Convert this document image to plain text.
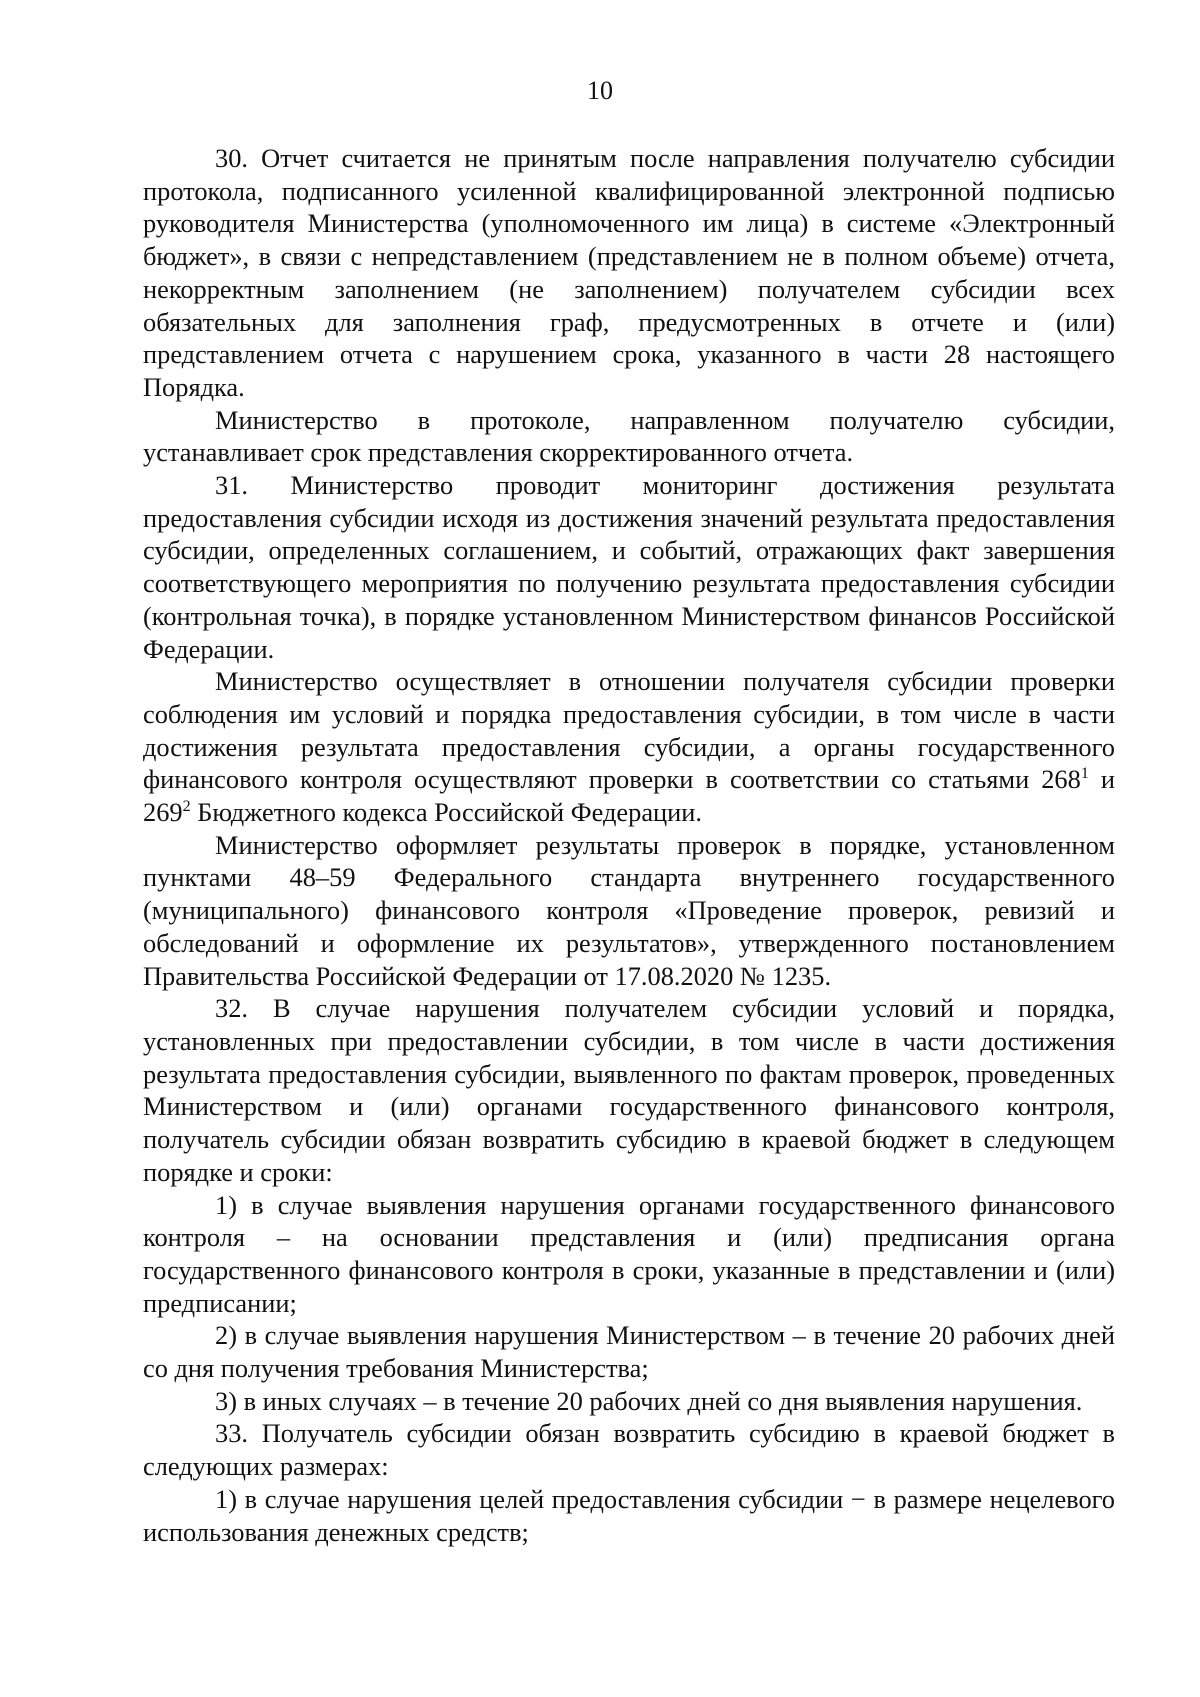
10

30. Отчет считается не принятым после направления получателю субсидии протокола, подписанного усиленной квалифицированной электронной подписью руководителя Министерства (уполномоченного им лица) в системе «Электронный бюджет», в связи с непредставлением (представлением не в полном объеме) отчета, некорректным заполнением (не заполнением) получателем субсидии всех обязательных для заполнения граф, предусмотренных в отчете и (или) представлением отчета с нарушением срока, указанного в части 28 настоящего Порядка.

Министерство в протоколе, направленном получателю субсидии, устанавливает срок представления скорректированного отчета.

31. Министерство проводит мониторинг достижения результата предоставления субсидии исходя из достижения значений результата предоставления субсидии, определенных соглашением, и событий, отражающих факт завершения соответствующего мероприятия по получению результата предоставления субсидии (контрольная точка), в порядке установленном Министерством финансов Российской Федерации.

Министерство осуществляет в отношении получателя субсидии проверки соблюдения им условий и порядка предоставления субсидии, в том числе в части достижения результата предоставления субсидии, а органы государственного финансового контроля осуществляют проверки в соответствии со статьями $268^1$ и $269^2$ Бюджетного кодекса Российской Федерации.

Министерство оформляет результаты проверок в порядке, установленном пунктами 48–59 Федерального стандарта внутреннего государственного (муниципального) финансового контроля «Проведение проверок, ревизий и обследований и оформление их результатов», утвержденного постановлением Правительства Российской Федерации от 17.08.2020 № 1235.

32. В случае нарушения получателем субсидии условий и порядка, установленных при предоставлении субсидии, в том числе в части достижения результата предоставления субсидии, выявленного по фактам проверок, проведенных Министерством и (или) органами государственного финансового контроля, получатель субсидии обязан возвратить субсидию в краевой бюджет в следующем порядке и сроки:

1) в случае выявления нарушения органами государственного финансового контроля – на основании представления и (или) предписания органа государственного финансового контроля в сроки, указанные в представлении и (или) предписании;

2) в случае выявления нарушения Министерством – в течение 20 рабочих дней со дня получения требования Министерства;

3) в иных случаях – в течение 20 рабочих дней со дня выявления нарушения.

33. Получатель субсидии обязан возвратить субсидию в краевой бюджет в следующих размерах:

1) в случае нарушения целей предоставления субсидии − в размере нецелевого использования денежных средств;
